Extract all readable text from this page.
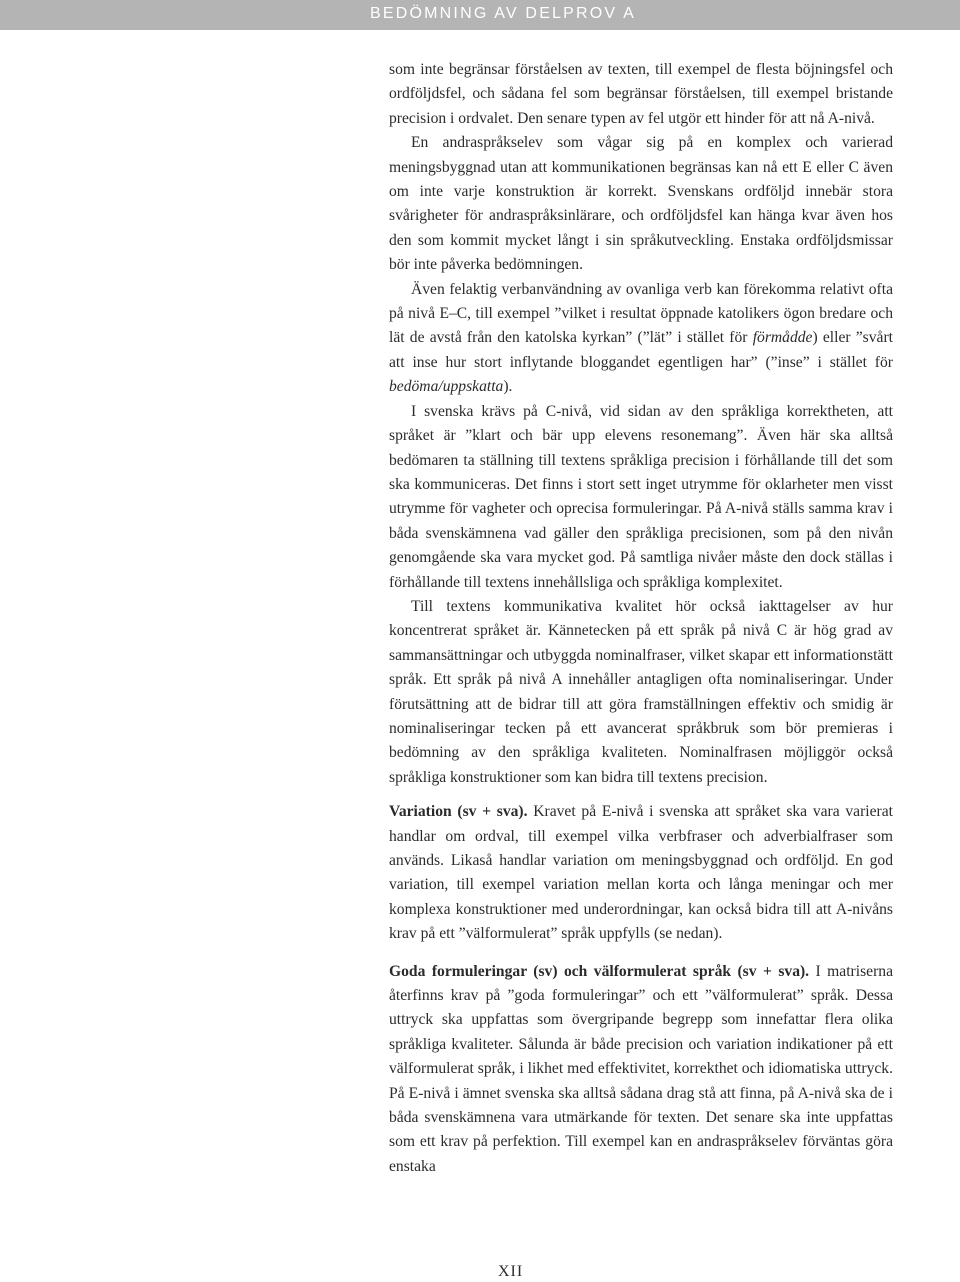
BEDÖMNING AV DELPROV A

som inte begränsar förståelsen av texten, till exempel de flesta böjningsfel och ordföljdsfel, och sådana fel som begränsar förståelsen, till exempel bristande precision i ordvalet. Den senare typen av fel utgör ett hinder för att nå A-nivå.

En andraspråkselev som vågar sig på en komplex och varierad meningsbyggnad utan att kommunikationen begränsas kan nå ett E eller C även om inte varje konstruktion är korrekt. Svenskans ordföljd innebär stora svårigheter för andraspråksinlärare, och ordföljdsfel kan hänga kvar även hos den som kommit mycket långt i sin språkutveckling. Enstaka ordföljdsmissar bör inte påverka bedömningen.

Även felaktig verbanvändning av ovanliga verb kan förekomma relativt ofta på nivå E–C, till exempel ”vilket i resultat öppnade katolikers ögon bredare och lät de avstå från den katolska kyrkan” (”lät” i stället för förmådde) eller ”svårt att inse hur stort inflytande bloggandet egentligen har” (”inse” i stället för bedöma/uppskatta).

I svenska krävs på C-nivå, vid sidan av den språkliga korrektheten, att språket är ”klart och bär upp elevens resonemang”. Även här ska alltså bedömaren ta ställning till textens språkliga precision i förhållande till det som ska kommuniceras. Det finns i stort sett inget utrymme för oklarheter men visst utrymme för vagheter och oprecisa formuleringar. På A-nivå ställs samma krav i båda svenskämnena vad gäller den språkliga precisionen, som på den nivån genomgående ska vara mycket god. På samtliga nivåer måste den dock ställas i förhållande till textens innehållsliga och språkliga komplexitet.

Till textens kommunikativa kvalitet hör också iakttagelser av hur koncentrerat språket är. Kännetecken på ett språk på nivå C är hög grad av sammansättningar och utbyggda nominalfraser, vilket skapar ett informationstätt språk. Ett språk på nivå A innehåller antagligen ofta nominaliseringar. Under förutsättning att de bidrar till att göra framställningen effektiv och smidig är nominaliseringar tecken på ett avancerat språkbruk som bör premieras i bedömning av den språkliga kvaliteten. Nominalfrasen möjliggör också språkliga konstruktioner som kan bidra till textens precision.

Variation (sv + sva). Kravet på E-nivå i svenska att språket ska vara varierat handlar om ordval, till exempel vilka verbfraser och adverbialfraser som används. Likaså handlar variation om meningsbyggnad och ordföljd. En god variation, till exempel variation mellan korta och långa meningar och mer komplexa konstruktioner med underordningar, kan också bidra till att A-nivåns krav på ett ”välformulerat” språk uppfylls (se nedan).

Goda formuleringar (sv) och välformulerat språk (sv + sva). I matriserna återfinns krav på ”goda formuleringar” och ett ”välformulerat” språk. Dessa uttryck ska uppfattas som övergripande begrepp som innefattar flera olika språkliga kvaliteter. Sålunda är både precision och variation indikationer på ett välformulerat språk, i likhet med effektivitet, korrekthet och idiomatiska uttryck. På E-nivå i ämnet svenska ska alltså sådana drag stå att finna, på A-nivå ska de i båda svenskämnena vara utmärkande för texten. Det senare ska inte uppfattas som ett krav på perfektion. Till exempel kan en andraspråkselev förväntas göra enstaka

XII
